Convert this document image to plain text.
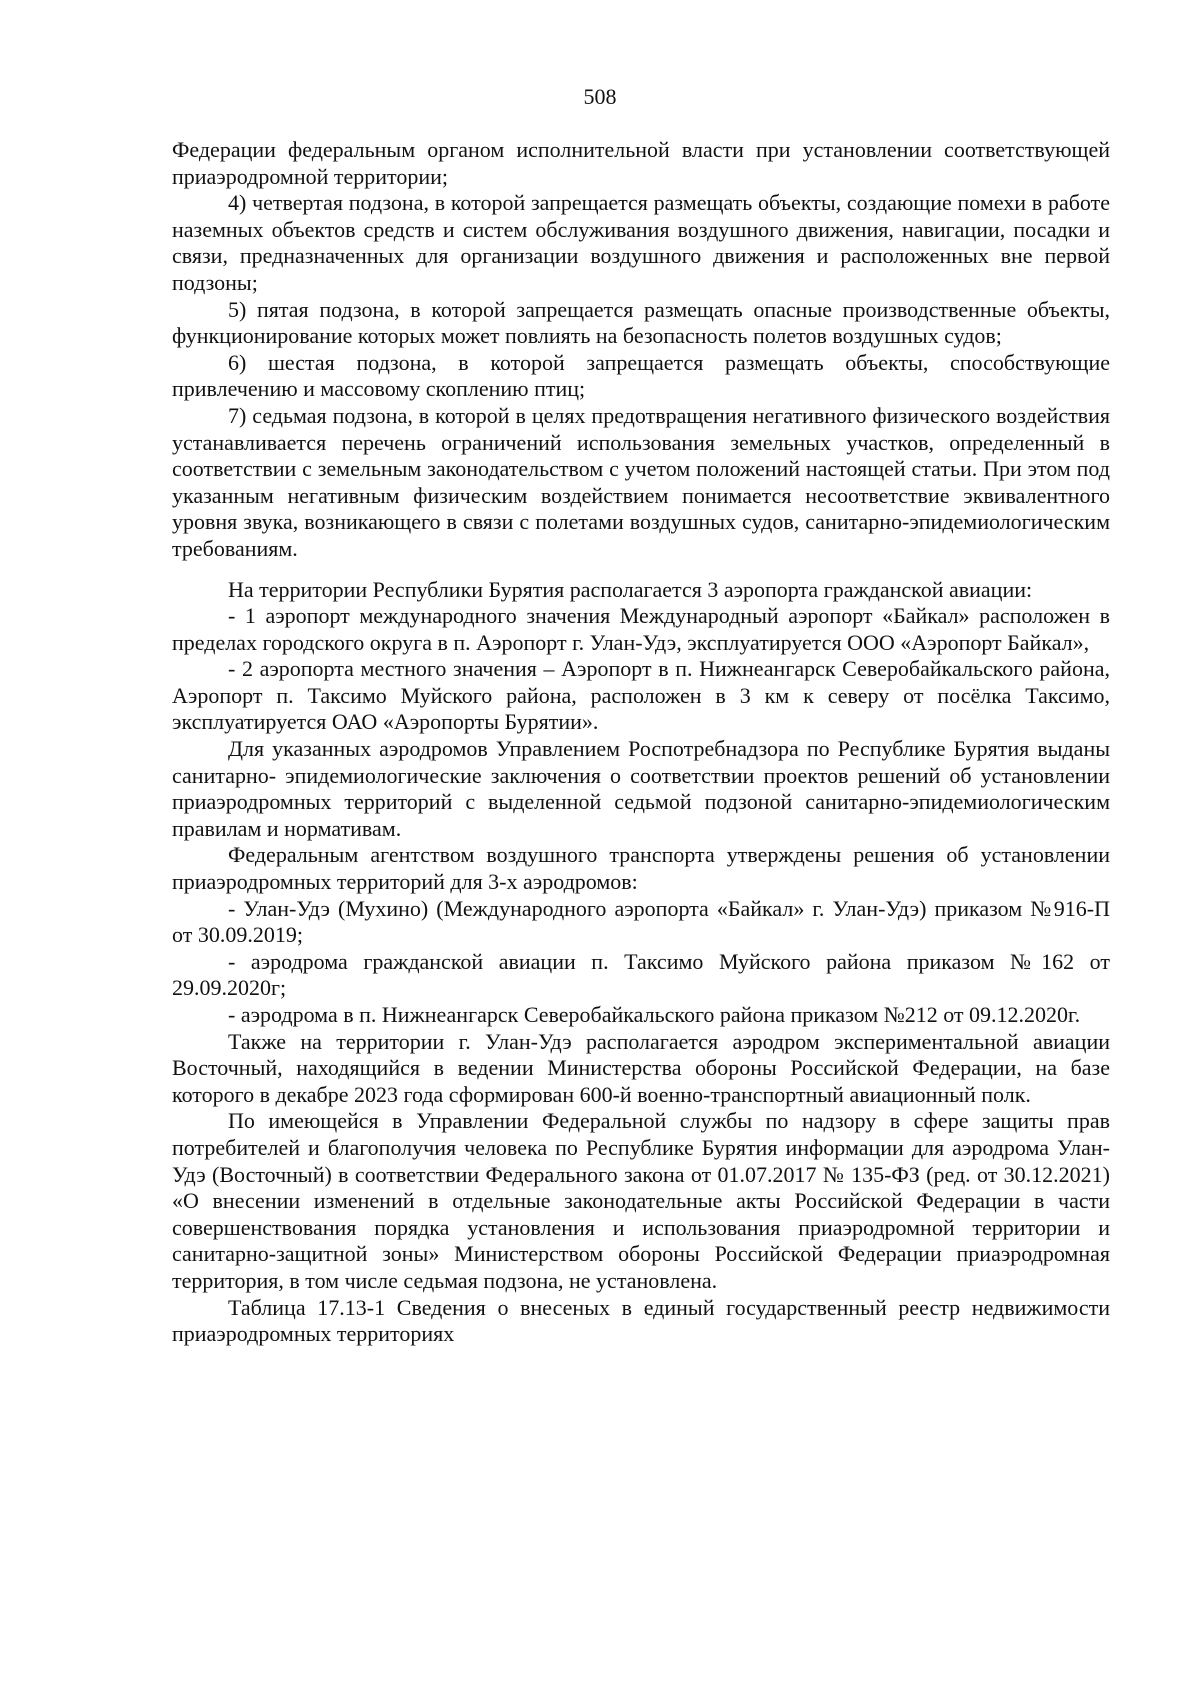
508

Федерации федеральным органом исполнительной власти при установлении соответствующей приаэродромной территории;

4) четвертая подзона, в которой запрещается размещать объекты, создающие помехи в работе наземных объектов средств и систем обслуживания воздушного движения, навигации, посадки и связи, предназначенных для организации воздушного движения и расположенных вне первой подзоны;

5) пятая подзона, в которой запрещается размещать опасные производственные объекты, функционирование которых может повлиять на безопасность полетов воздушных судов;

6) шестая подзона, в которой запрещается размещать объекты, способствующие привлечению и массовому скоплению птиц;

7) седьмая подзона, в которой в целях предотвращения негативного физического воздействия устанавливается перечень ограничений использования земельных участков, определенный в соответствии с земельным законодательством с учетом положений настоящей статьи. При этом под указанным негативным физическим воздействием понимается несоответствие эквивалентного уровня звука, возникающего в связи с полетами воздушных судов, санитарно-эпидемиологическим требованиям.

На территории Республики Бурятия располагается 3 аэропорта гражданской авиации:

- 1 аэропорт международного значения Международный аэропорт «Байкал» расположен в пределах городского округа в п. Аэропорт г. Улан-Удэ, эксплуатируется ООО «Аэропорт Байкал»,

- 2 аэропорта местного значения – Аэропорт в п. Нижнеангарск Северобайкальского района, Аэропорт п. Таксимо Муйского района, расположен в 3 км к северу от посёлка Таксимо, эксплуатируется ОАО «Аэропорты Бурятии».

Для указанных аэродромов Управлением Роспотребнадзора по Республике Бурятия выданы санитарно- эпидемиологические заключения о соответствии проектов решений об установлении приаэродромных территорий с выделенной седьмой подзоной санитарно-эпидемиологическим правилам и нормативам.

Федеральным агентством воздушного транспорта утверждены решения об установлении приаэродромных территорий для 3-х аэродромов:

- Улан-Удэ (Мухино) (Международного аэропорта «Байкал» г. Улан-Удэ) приказом №916-П от 30.09.2019;

- аэродрома гражданской авиации п. Таксимо Муйского района приказом №162 от 29.09.2020г;

- аэродрома в п. Нижнеангарск Северобайкальского района приказом №212 от 09.12.2020г.

Также на территории г. Улан-Удэ располагается аэродром экспериментальной авиации Восточный, находящийся в ведении Министерства обороны Российской Федерации, на базе которого в декабре 2023 года сформирован 600-й военно-транспортный авиационный полк.

По имеющейся в Управлении Федеральной службы по надзору в сфере защиты прав потребителей и благополучия человека по Республике Бурятия информации для аэродрома Улан-Удэ (Восточный) в соответствии Федерального закона от 01.07.2017 № 135-ФЗ (ред. от 30.12.2021) «О внесении изменений в отдельные законодательные акты Российской Федерации в части совершенствования порядка установления и использования приаэродромной территории и санитарно-защитной зоны» Министерством обороны Российской Федерации приаэродромная территория, в том числе седьмая подзона, не установлена.

Таблица 17.13-1 Сведения о внесеных в единый государственный реестр недвижимости приаэродромных территориях
